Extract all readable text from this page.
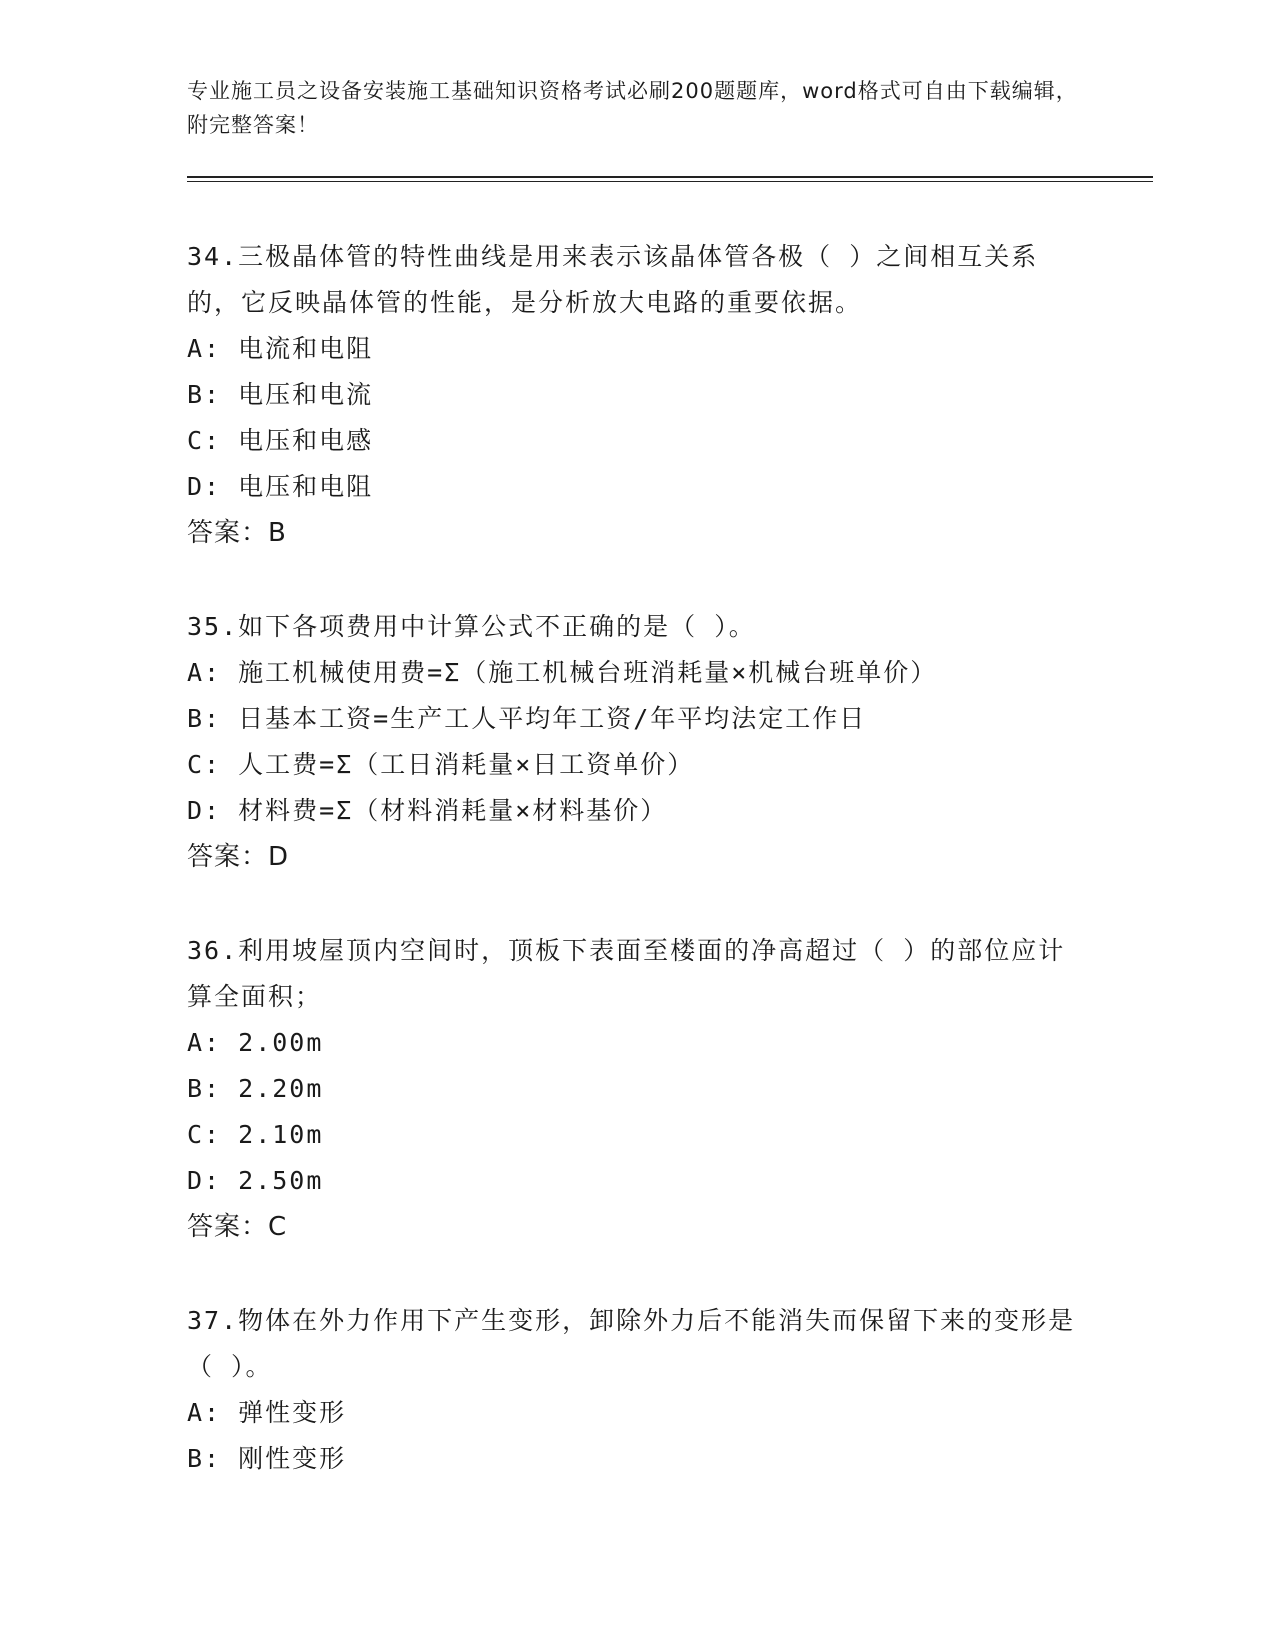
专业施工员之设备安装施工基础知识资格考试必刷200题题库，word格式可自由下载编辑，附完整答案！
34.三极晶体管的特性曲线是用来表示该晶体管各极（ ）之间相互关系的，它反映晶体管的性能，是分析放大电路的重要依据。
A: 电流和电阻
B: 电压和电流
C: 电压和电感
D: 电压和电阻
答案：B
35.如下各项费用中计算公式不正确的是（ ）。
A: 施工机械使用费=Σ（施工机械台班消耗量×机械台班单价）
B: 日基本工资=生产工人平均年工资/年平均法定工作日
C: 人工费=Σ（工日消耗量×日工资单价）
D: 材料费=Σ（材料消耗量×材料基价）
答案：D
36.利用坡屋顶内空间时，顶板下表面至楼面的净高超过（ ）的部位应计算全面积；
A: 2.00m
B: 2.20m
C: 2.10m
D: 2.50m
答案：C
37.物体在外力作用下产生变形，卸除外力后不能消失而保留下来的变形是（ ）。
A: 弹性变形
B: 刚性变形
